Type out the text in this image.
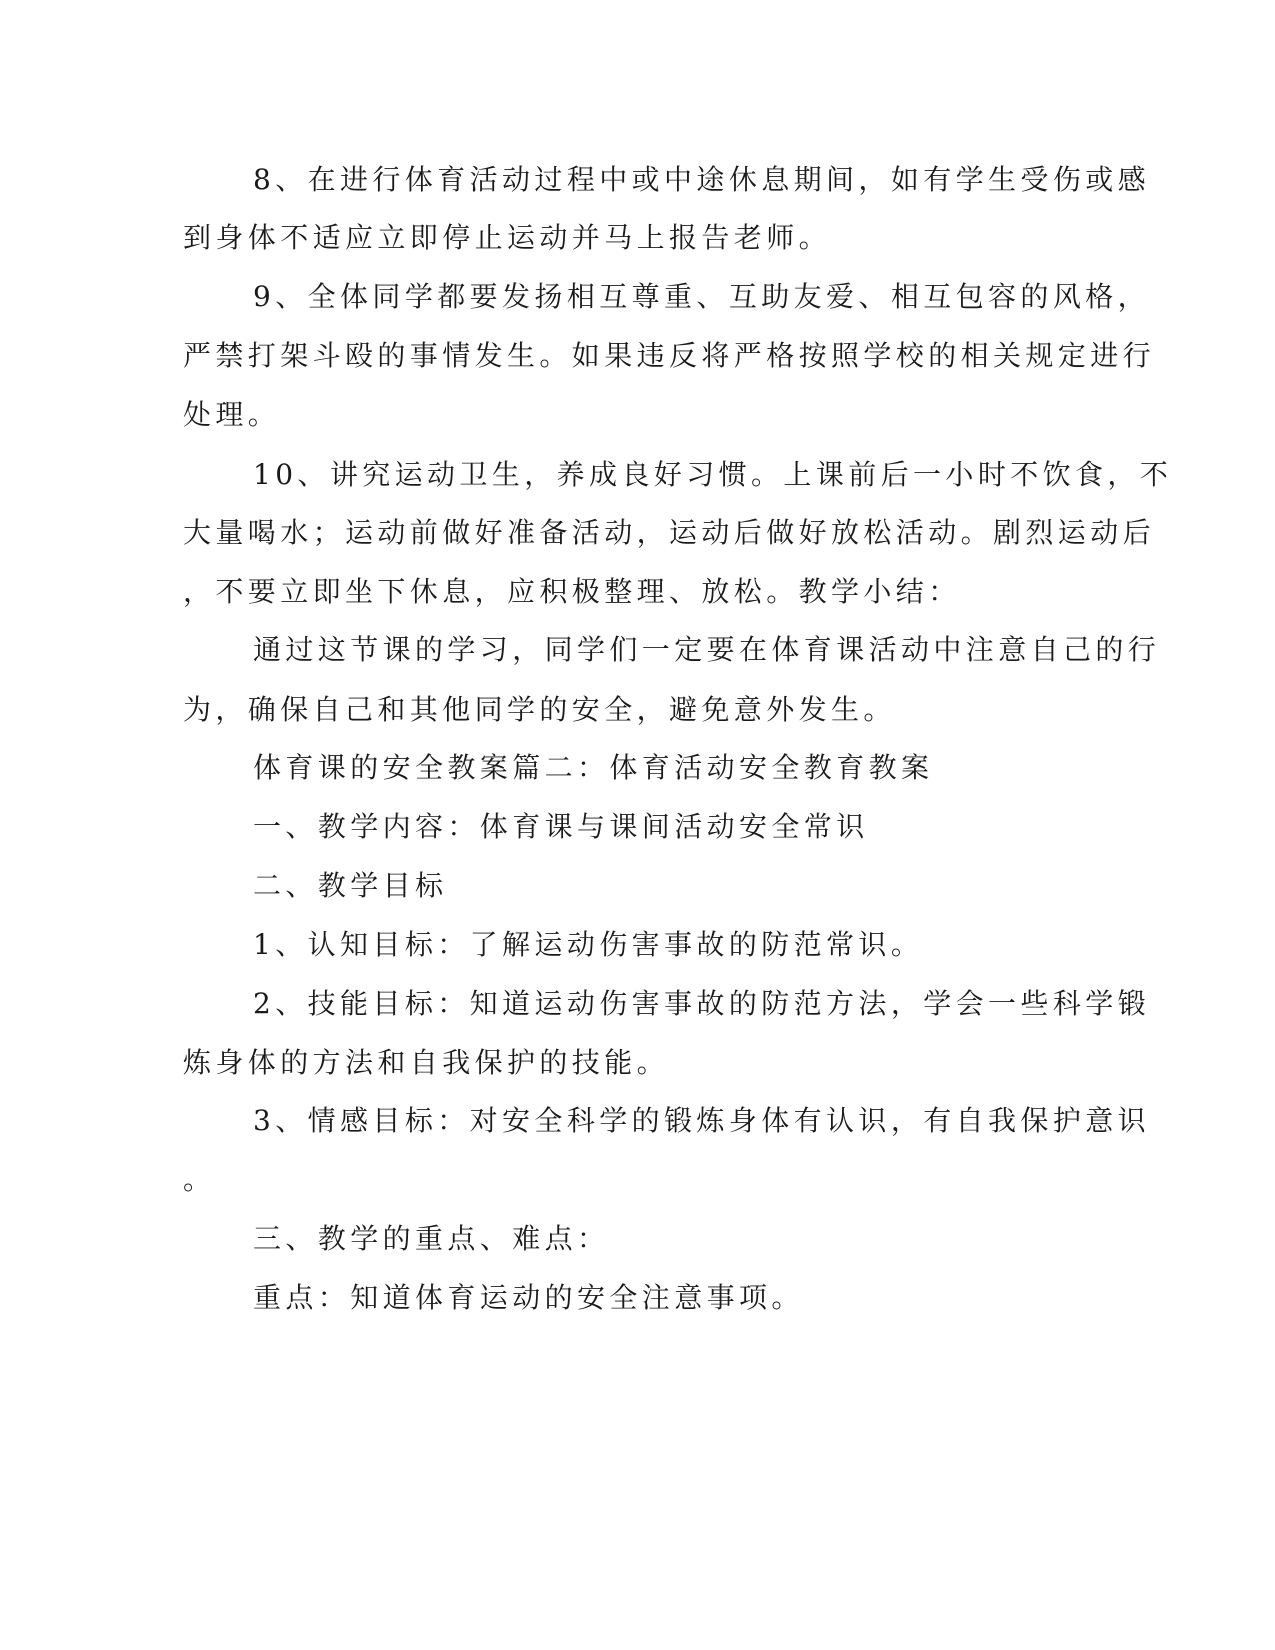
8、在进行体育活动过程中或中途休息期间，如有学生受伤或感
到身体不适应立即停止运动并马上报告老师。
9、全体同学都要发扬相互尊重、互助友爱、相互包容的风格，
严禁打架斗殴的事情发生。如果违反将严格按照学校的相关规定进行
处理。
10、讲究运动卫生，养成良好习惯。上课前后一小时不饮食，不
大量喝水；运动前做好准备活动，运动后做好放松活动。剧烈运动后
，不要立即坐下休息，应积极整理、放松。教学小结：
通过这节课的学习，同学们一定要在体育课活动中注意自己的行
为，确保自己和其他同学的安全，避免意外发生。
体育课的安全教案篇二：体育活动安全教育教案
一、教学内容：体育课与课间活动安全常识
二、教学目标
1、认知目标：了解运动伤害事故的防范常识。
2、技能目标：知道运动伤害事故的防范方法，学会一些科学锻
炼身体的方法和自我保护的技能。
3、情感目标：对安全科学的锻炼身体有认识，有自我保护意识
。
三、教学的重点、难点：
重点：知道体育运动的安全注意事项。
